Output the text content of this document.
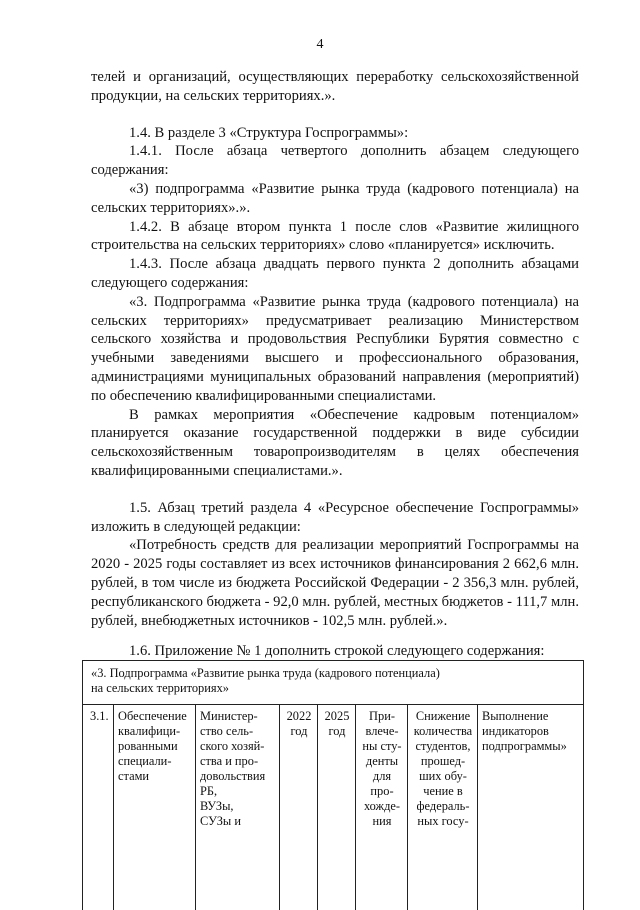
4

телей и организаций, осуществляющих переработку сельскохозяйственной продукции, на сельских территориях.».

1.4. В разделе 3 «Структура Госпрограммы»:

1.4.1. После абзаца четвертого дополнить абзацем следующего содержания:

«3) подпрограмма «Развитие рынка труда (кадрового потенциала) на сельских территориях».».

1.4.2. В абзаце втором пункта 1 после слов «Развитие жилищного строительства на сельских территориях» слово «планируется» исключить.

1.4.3. После абзаца двадцать первого пункта 2 дополнить абзацами следующего содержания:

«3. Подпрограмма «Развитие рынка труда (кадрового потенциала) на сельских территориях» предусматривает реализацию Министерством сельского хозяйства и продовольствия Республики Бурятия совместно с учебными заведениями высшего и профессионального образования, администрациями муниципальных образований направления (мероприятий) по обеспечению квалифицированными специалистами.

В рамках мероприятия «Обеспечение кадровым потенциалом» планируется оказание государственной поддержки в виде субсидии сельскохозяйственным товаропроизводителям в целях обеспечения квалифицированными специалистами.».

1.5. Абзац третий раздела 4 «Ресурсное обеспечение Госпрограммы» изложить в следующей редакции:

«Потребность средств для реализации мероприятий Госпрограммы на 2020 - 2025 годы составляет из всех источников финансирования 2 662,6 млн. рублей, в том числе из бюджета Российской Федерации - 2 356,3 млн. рублей, республиканского бюджета - 92,0 млн. рублей, местных бюджетов - 111,7 млн. рублей, внебюджетных источников - 102,5 млн. рублей.».

1.6. Приложение № 1 дополнить строкой следующего содержания:

«3. Подпрограмма «Развитие рынка труда (кадрового потенциала)
на сельских территориях»
3.1. Обеспечение
квалифици-
рованными
специали-
стами
Министер-
ство сель-
ского хозяй-
ства и про-
довольствия
РБ,
ВУЗы,
СУЗы и
2022
год
2025
год
При-
влече-
ны сту-
денты
для
про-
хожде-
ния
Снижение
количества
студентов,
прошед-
ших обу-
чение в
федераль-
ных госу-
Выполнение
индикаторов
подпрограммы»
